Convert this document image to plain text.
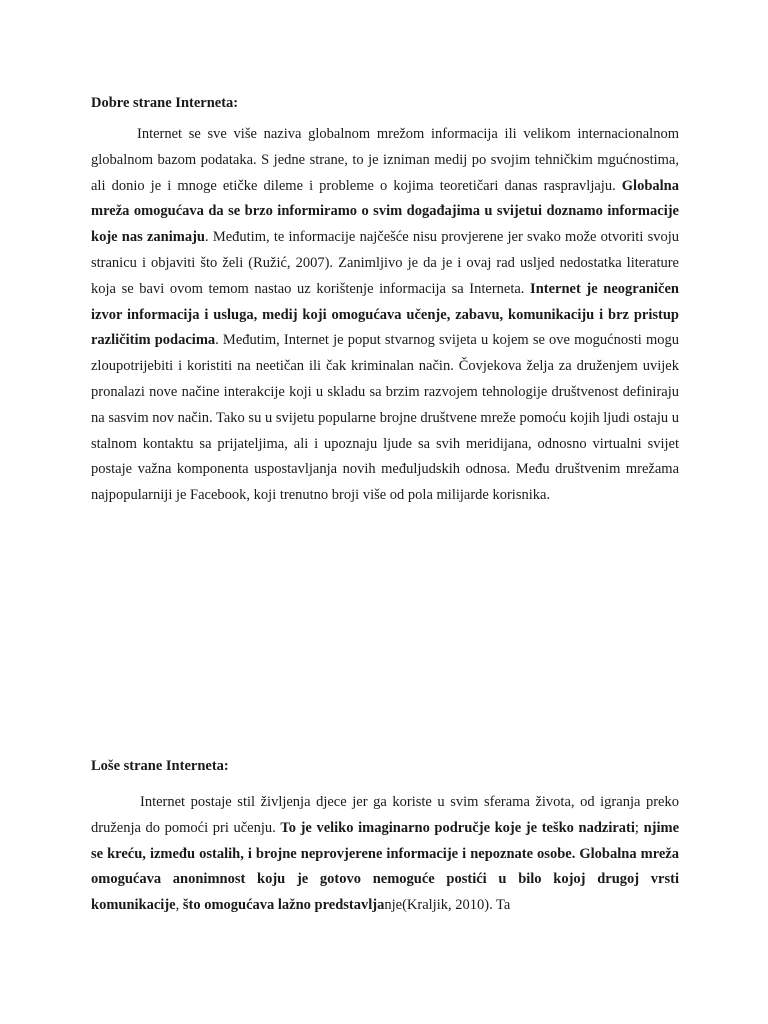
Dobre strane Interneta:

Internet se sve više naziva globalnom mrežom informacija ili velikom internacionalnom globalnom bazom podataka. S jedne strane, to je izniman medij po svojim tehničkim mgućnostima, ali donio je i mnoge etičke dileme i probleme o kojima teoretičari danas raspravljaju. Globalna mreža omogućava da se brzo informiramo o svim događajima u svijetui doznamo informacije koje nas zanimaju. Međutim, te informacije najčešće nisu provjerene jer svako može otvoriti svoju stranicu i objaviti što želi (Ružić, 2007). Zanimljivo je da je i ovaj rad usljed nedostatka literature koja se bavi ovom temom nastao uz korištenje informacija sa Interneta. Internet je neograničen izvor informacija i usluga, medij koji omogućava učenje, zabavu, komunikaciju i brz pristup različitim podacima. Međutim, Internet je poput stvarnog svijeta u kojem se ove mogućnosti mogu zloupotrijebiti i koristiti na neetičan ili čak kriminalan način. Čovjekova želja za druženjem uvijek pronalazi nove načine interakcije koji u skladu sa brzim razvojem tehnologije društvenost definiraju na sasvim nov način. Tako su u svijetu popularne brojne društvene mreže pomoću kojih ljudi ostaju u stalnom kontaktu sa prijateljima, ali i upoznaju ljude sa svih meridijana, odnosno virtualni svijet postaje važna komponenta uspostavljanja novih međuljudskih odnosa. Među društvenim mrežama najpopularniji je Facebook, koji trenutno broji više od pola milijarde korisnika.

Loše strane Interneta:

Internet postaje stil življenja djece jer ga koriste u svim sferama života, od igranja preko druženja do pomoći pri učenju. To je veliko imaginarno područje koje je teško nadzirati; njime se kreću, između ostalih, i brojne neprovjerene informacije i nepoznate osobe. Globalna mreža omogućava anonimnost koju je gotovo nemoguće postići u bilo kojoj drugoj vrsti komunikacije, što omogućava lažno predstavljanje(Kraljik, 2010). Ta
